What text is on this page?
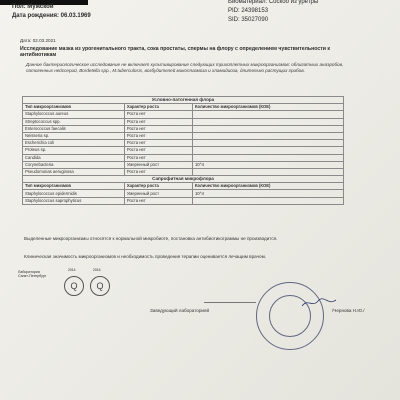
Пол: Мужской
Дата рождения: 06.03.1969
Биоматериал: Соскоб из уретры
PID: 24398153
SID: 35027090
Дата: 02.03.2021
Исследование мазка из урогенитального тракта, сока простаты, спермы на флору с определением чувствительности к антибиотикам
Данное бактериологическое исследование не включает культивирование следующих трихоплетных микроорганизмов: облигатных анаэробов, патогенных нейссерий, Bordetella spp., M.tuberculosis, возбудителей микоплазмоза и хламидиоза, длительно растущих грибов.
Условно-патогенная флора		
Тип микроорганизмов	Характер роста	Количество микроорганизмов (КОЕ)
Staphylococcus aureus	Роста нет	
Streptococcus spp.	Роста нет	
Enterococcus faecalis	Роста нет	
Neisseria sp.	Роста нет	
Escherichia coli	Роста нет	
Proteus sp.	Роста нет	
Candida	Роста нет	
Corynebacteria	Умеренный рост	10^4
Pseudomonas aeruginosa	Роста нет	
Сапрофитная микрофлора		
Тип микроорганизмов	Характер роста	Количество микроорганизмов (КОЕ)
Staphylococcus epidermidis	Умеренный рост	10^4
Staphylococcus saprophyticus	Роста нет	
Выделенные микроорганизмы относятся к нормальной микробиоте, постановка антибиотикограммы не производится.
Клиническая значимость микроорганизмов и необходимость проведения терапии оценивается лечащим врачом.
Лаборатория
Санкт-Петербург
2014	2016
Q Q
Заведующий лабораторией	/Чернова Н.Ю./
